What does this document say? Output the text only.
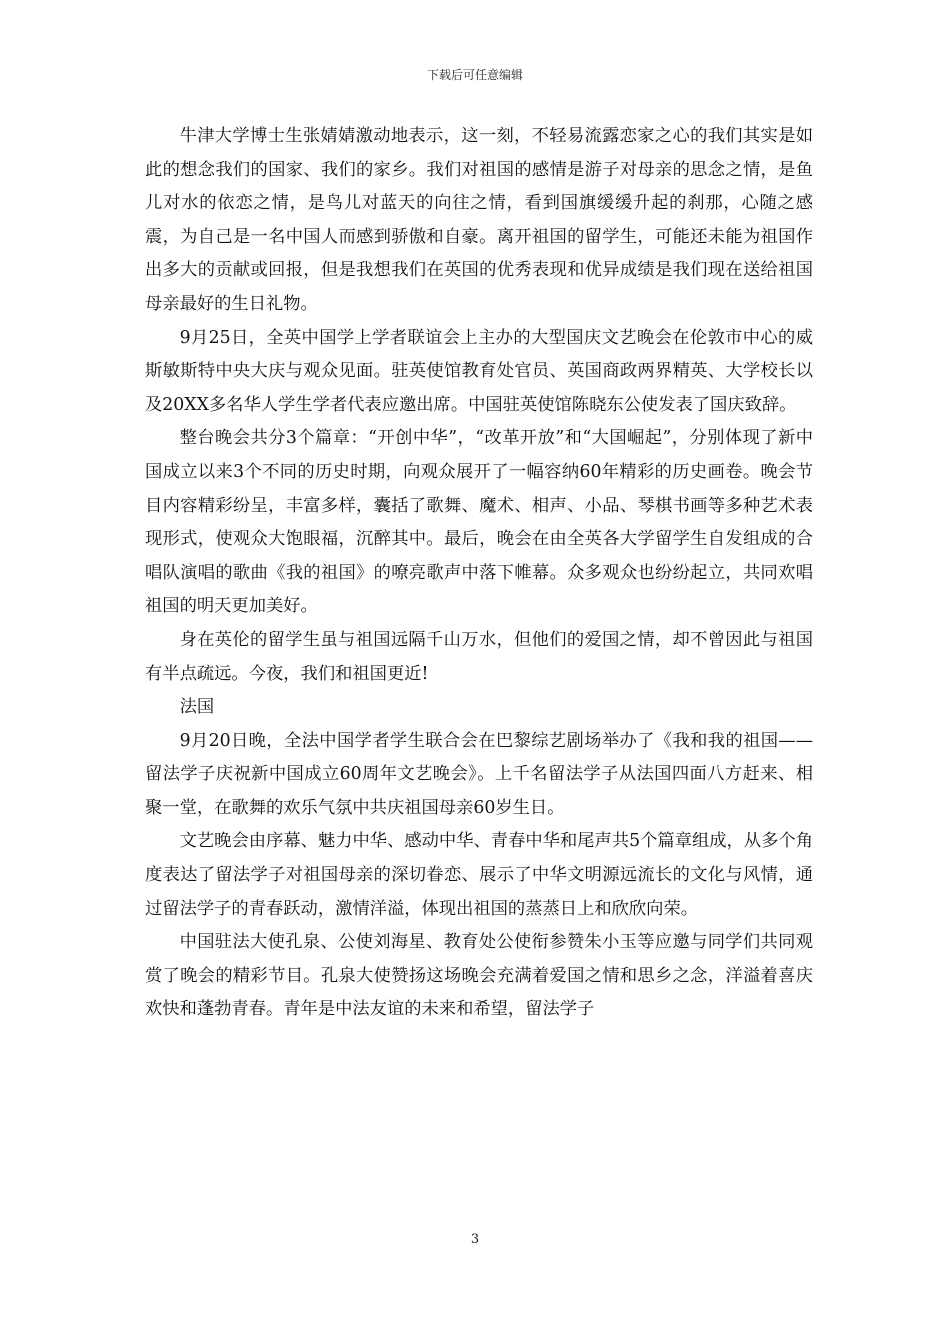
下载后可任意编辑

牛津大学博士生张婧婧激动地表示，这一刻，不轻易流露恋家之心的我们其实是如此的想念我们的国家、我们的家乡。我们对祖国的感情是游子对母亲的思念之情，是鱼儿对水的依恋之情，是鸟儿对蓝天的向往之情，看到国旗缓缓升起的刹那，心随之感震，为自己是一名中国人而感到骄傲和自豪。离开祖国的留学生，可能还未能为祖国作出多大的贡献或回报，但是我想我们在英国的优秀表现和优异成绩是我们现在送给祖国母亲最好的生日礼物。

9月25日，全英中国学上学者联谊会上主办的大型国庆文艺晚会在伦敦市中心的威斯敏斯特中央大庆与观众见面。驻英使馆教育处官员、英国商政两界精英、大学校长以及20XX多名华人学生学者代表应邀出席。中国驻英使馆陈晓东公使发表了国庆致辞。

整台晚会共分3个篇章：“开创中华”，“改革开放”和“大国崛起”，分别体现了新中国成立以来3个不同的历史时期，向观众展开了一幅容纳60年精彩的历史画卷。晚会节目内容精彩纷呈，丰富多样，囊括了歌舞、魔术、相声、小品、琴棋书画等多种艺术表现形式，使观众大饱眼福，沉醉其中。最后，晚会在由全英各大学留学生自发组成的合唱队演唱的歌曲《我的祖国》的嘹亮歌声中落下帷幕。众多观众也纷纷起立，共同欢唱祖国的明天更加美好。

身在英伦的留学生虽与祖国远隔千山万水，但他们的爱国之情，却不曾因此与祖国有半点疏远。今夜，我们和祖国更近!

法国

9月20日晚，全法中国学者学生联合会在巴黎综艺剧场举办了《我和我的祖国——留法学子庆祝新中国成立60周年文艺晚会》。上千名留法学子从法国四面八方赶来、相聚一堂，在歌舞的欢乐气氛中共庆祖国母亲60岁生日。

文艺晚会由序幕、魅力中华、感动中华、青春中华和尾声共5个篇章组成，从多个角度表达了留法学子对祖国母亲的深切眷恋、展示了中华文明源远流长的文化与风情，通过留法学子的青春跃动，激情洋溢，体现出祖国的蒸蒸日上和欣欣向荣。

中国驻法大使孔泉、公使刘海星、教育处公使衔参赞朱小玉等应邀与同学们共同观赏了晚会的精彩节目。孔泉大使赞扬这场晚会充满着爱国之情和思乡之念，洋溢着喜庆欢快和蓬勃青春。青年是中法友谊的未来和希望，留法学子

3
